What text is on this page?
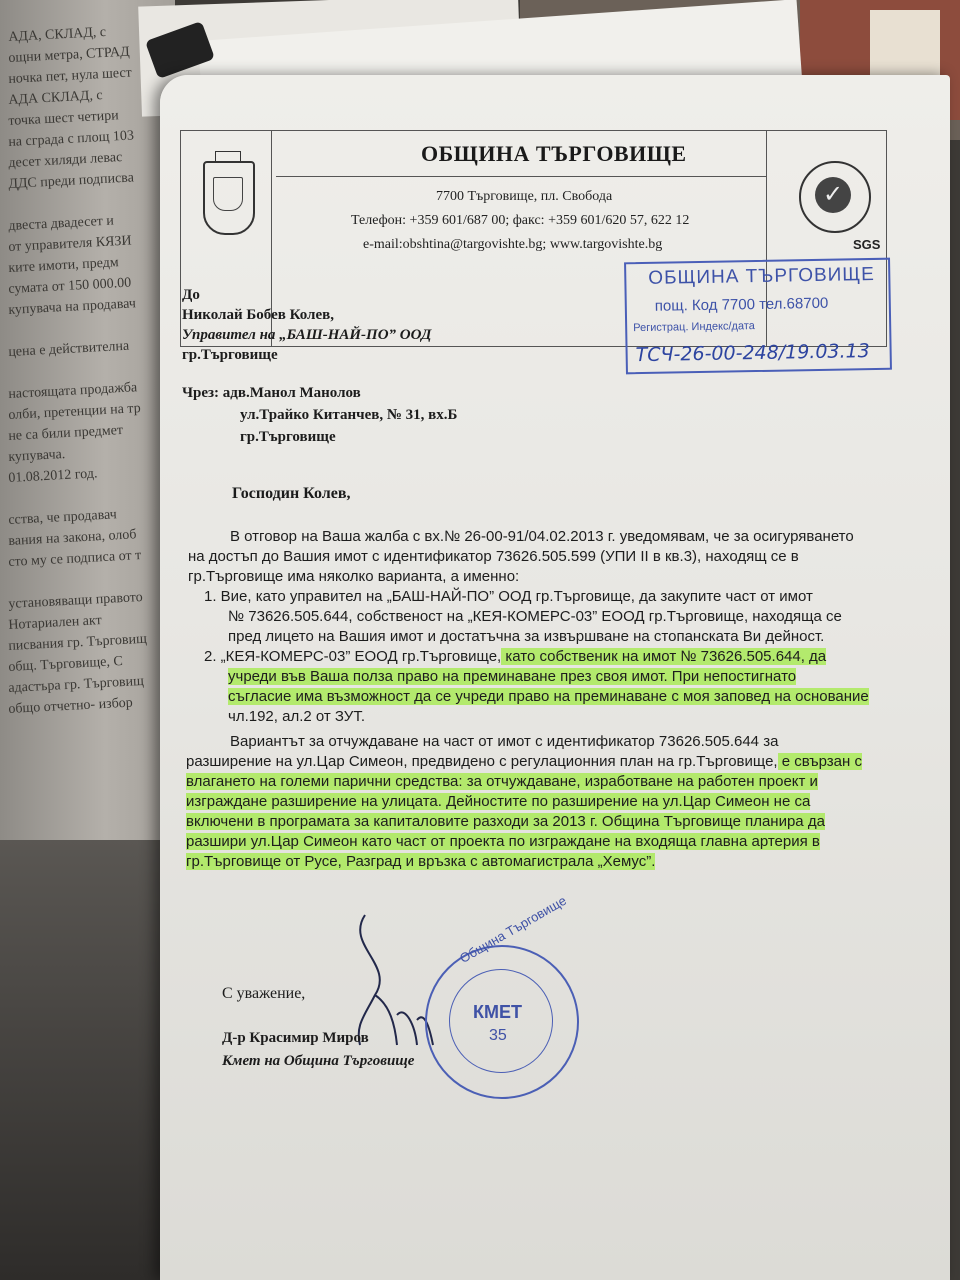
АДА, СКЛАД, с
ощни метра, СТРАД
ночка пет, нула шест
АДА СКЛАД, с
точка шест четири
на сграда с площ 103
десет хиляди левас
ДДС преди подписва
двеста двадесет и
от управителя КЯЗИ
ките имоти, предм
сумата от 150 000.00
купувача на продавач
цена е действителна
настоящата продажба
олби, претенции на тр
не са били предмет
купувача.
01.08.2012 год.
сства, че продавач
вания на закона, олоб
сто му се подписа от т
установяващи правото
Нотариален акт
писвания гр. Търговищ
общ. Търговище, С
адастъра гр. Търговищ
общо отчетно- избор
ОБЩИНА ТЪРГОВИЩЕ
7700 Търговище, пл. Свобода
Телефон: +359 601/687 00; факс: +359 601/620 57, 622 12
e-mail:obshtina@targovishte.bg; www.targovishte.bg
✓
SGS
До
Николай Бобев Колев,
Управител на „БАШ-НАЙ-ПО” ООД
гр.Търговище
Чрез: адв.Манол Манолов
ул.Трайко Китанчев, № 31, вх.Б
гр.Търговище
ОБЩИНА ТЪРГОВИЩЕ
пощ. Код 7700 тел.68700
Регистрац. Индекс/дата
ТСЧ-26-00-248/19.03.13
Господин Колев,
В отговор на Ваша жалба с вх.№ 26-00-91/04.02.2013 г. уведомявам, че за осигуряването
на достъп до Вашия имот с идентификатор 73626.505.599 (УПИ II в кв.3), находящ се в
гр.Търговище има няколко варианта, а именно:
1. Вие, като управител на „БАШ-НАЙ-ПО” ООД гр.Търговище, да закупите част от имот
№ 73626.505.644, собственост на „КЕЯ-КОМЕРС-03” ЕООД гр.Търговище, находяща се
пред лицето на Вашия имот и достатъчна за извършване на стопанската Ви дейност.
2. „КЕЯ-КОМЕРС-03” ЕООД гр.Търговище, като собственик на имот № 73626.505.644, да
учреди във Ваша полза право на преминаване през своя имот. При непостигнато
съгласие има възможност да се учреди право на преминаване с моя заповед на основание
чл.192, ал.2 от ЗУТ.
Вариантът за отчуждаване на част от имот с идентификатор 73626.505.644 за
разширение на ул.Цар Симеон, предвидено с регулационния план на гр.Търговище, е свързан с
влагането на големи парични средства: за отчуждаване, изработване на работен проект и
изграждане разширение на улицата. Дейностите по разширение на ул.Цар Симеон не са
включени в програмата за капиталовите разходи за 2013 г. Община Търговище планира да
разшири ул.Цар Симеон като част от проекта по изграждане на входяща главна артерия в
гр.Търговище от Русе, Разград и връзка с автомагистрала „Хемус”.
С уважение,
Д-р Красимир Миров
Кмет на Община Търговище
Община Търговище
КМЕТ
35
